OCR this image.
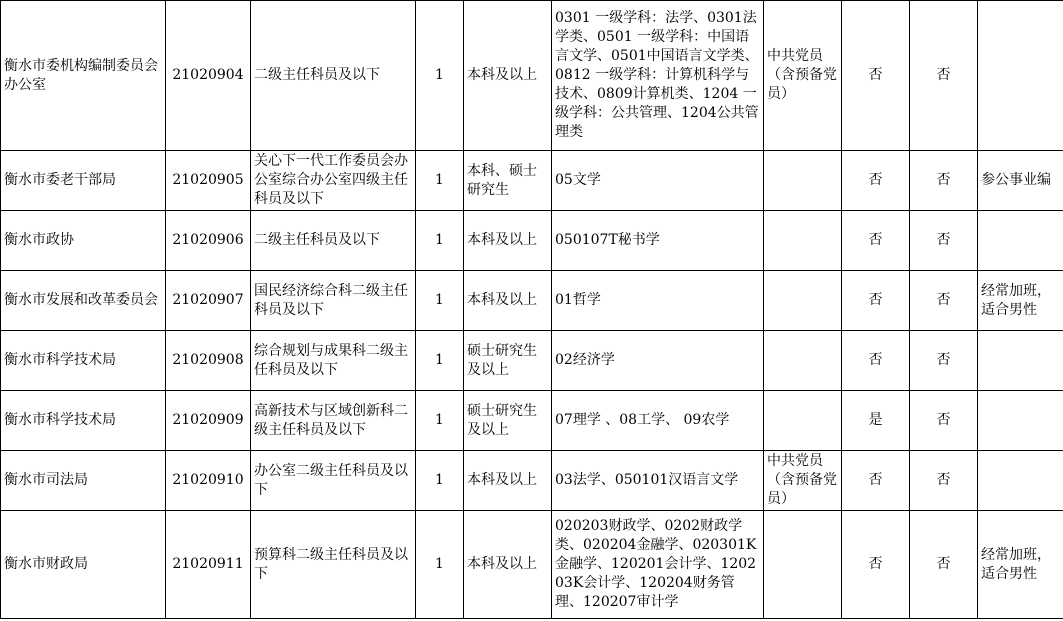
衡水市委机构编制委员会办公室	21020904	二级主任科员及以下	1	本科及以上	0301 一级学科：法学、0301法学类、0501 一级学科：中国语言文学、0501中国语言文学类、0812 一级学科：计算机科学与技术、0809计算机类、1204 一级学科：公共管理、1204公共管理类	中共党员（含预备党员）	否	否	
衡水市委老干部局	21020905	关心下一代工作委员会办公室综合办公室四级主任科员及以下	1	本科、硕士研究生	05文学		否	否	参公事业编
衡水市政协	21020906	二级主任科员及以下	1	本科及以上	050107T秘书学		否	否	
衡水市发展和改革委员会	21020907	国民经济综合科二级主任科员及以下	1	本科及以上	01哲学		否	否	经常加班，适合男性
衡水市科学技术局	21020908	综合规划与成果科二级主任科员及以下	1	硕士研究生及以上	02经济学		否	否	
衡水市科学技术局	21020909	高新技术与区域创新科二级主任科员及以下	1	硕士研究生及以上	07理学 、08工学、 09农学		是	否	
衡水市司法局	21020910	办公室二级主任科员及以下	1	本科及以上	03法学、050101汉语言文学	中共党员（含预备党员）	否	否	
衡水市财政局	21020911	预算科二级主任科员及以下	1	本科及以上	020203财政学、0202财政学类、020204金融学、020301K金融学、120201会计学、120203K会计学、120204财务管理、120207审计学		否	否	经常加班，适合男性
